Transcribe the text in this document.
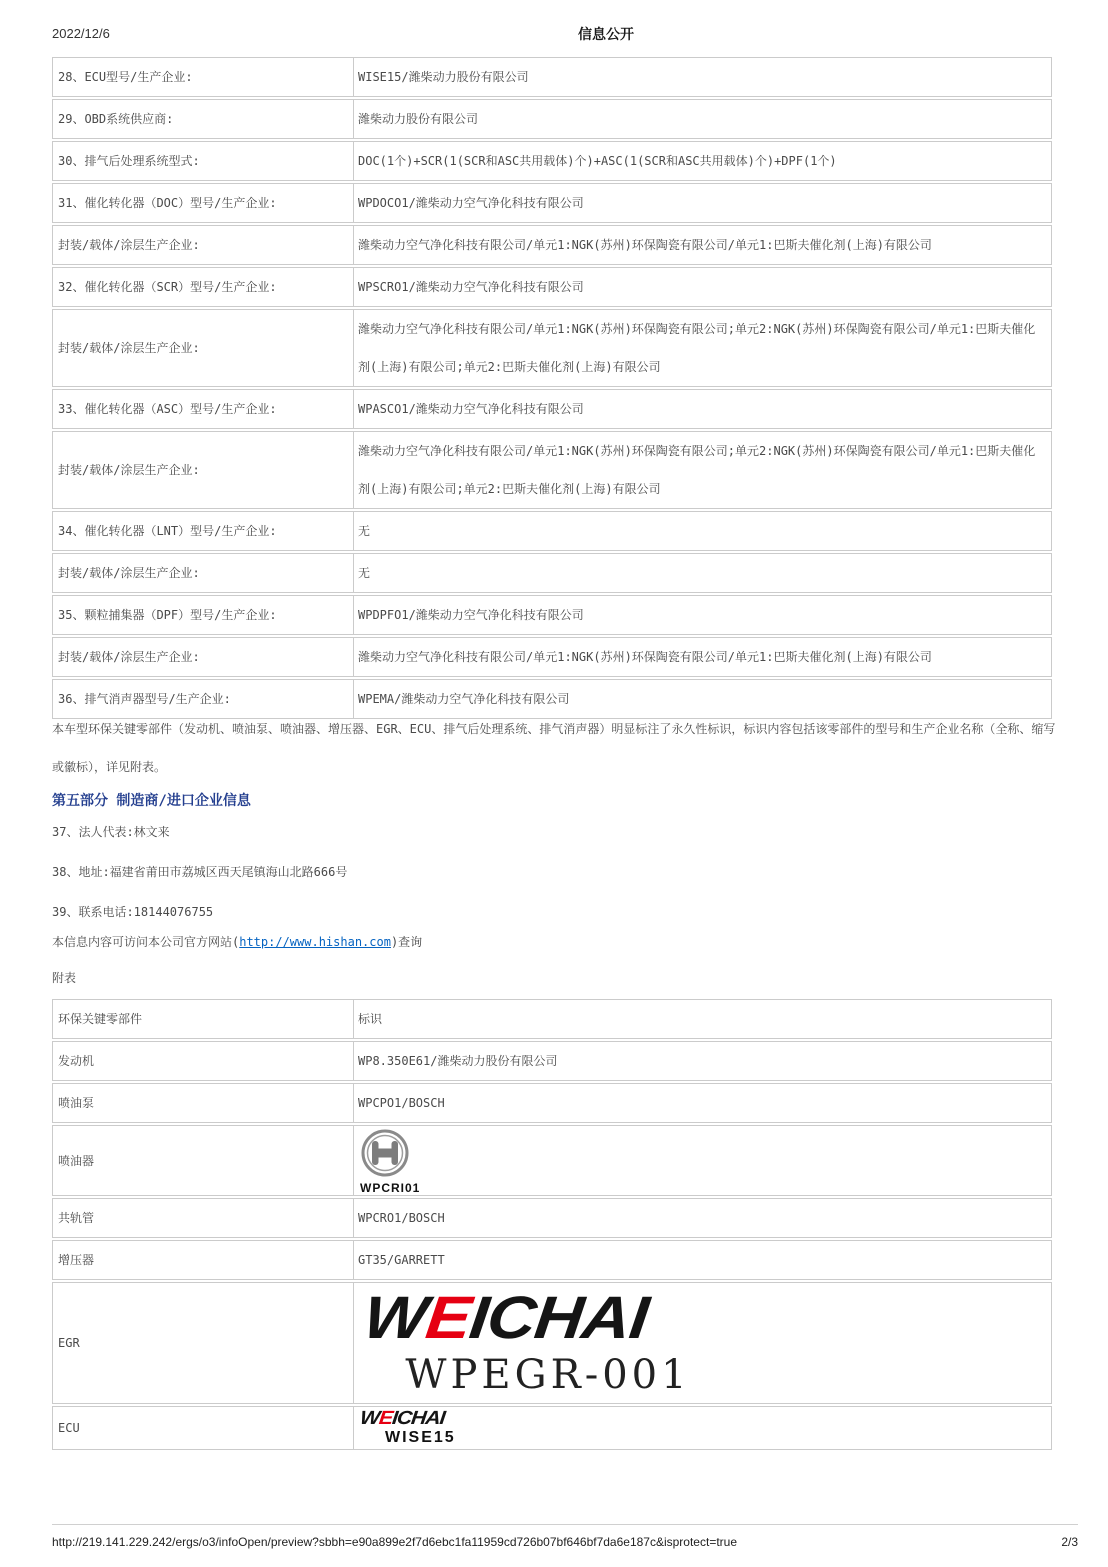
2022/12/6	信息公开
28、ECU型号/生产企业:	WISE15/潍柴动力股份有限公司
29、OBD系统供应商:	潍柴动力股份有限公司
30、排气后处理系统型式:	DOC(1个)+SCR(1(SCR和ASC共用载体)个)+ASC(1(SCR和ASC共用载体)个)+DPF(1个)
31、催化转化器（DOC）型号/生产企业:	WPDOCO1/潍柴动力空气净化科技有限公司
封装/载体/涂层生产企业:	潍柴动力空气净化科技有限公司/单元1:NGK(苏州)环保陶瓷有限公司/单元1:巴斯夫催化剂(上海)有限公司
32、催化转化器（SCR）型号/生产企业:	WPSCRO1/潍柴动力空气净化科技有限公司
封装/载体/涂层生产企业:
潍柴动力空气净化科技有限公司/单元1:NGK(苏州)环保陶瓷有限公司;单元2:NGK(苏州)环保陶瓷有限公司/单元1:巴斯夫催化剂(上海)有限公司;单元2:巴斯夫催化剂(上海)有限公司
33、催化转化器（ASC）型号/生产企业:	WPASCO1/潍柴动力空气净化科技有限公司
封装/载体/涂层生产企业:
潍柴动力空气净化科技有限公司/单元1:NGK(苏州)环保陶瓷有限公司;单元2:NGK(苏州)环保陶瓷有限公司/单元1:巴斯夫催化剂(上海)有限公司;单元2:巴斯夫催化剂(上海)有限公司
34、催化转化器（LNT）型号/生产企业:	无
封装/载体/涂层生产企业:	无
35、颗粒捕集器（DPF）型号/生产企业:	WPDPFO1/潍柴动力空气净化科技有限公司
封装/载体/涂层生产企业:	潍柴动力空气净化科技有限公司/单元1:NGK(苏州)环保陶瓷有限公司/单元1:巴斯夫催化剂(上海)有限公司
36、排气消声器型号/生产企业:	WPEMA/潍柴动力空气净化科技有限公司
本车型环保关键零部件（发动机、喷油泵、喷油器、增压器、EGR、ECU、排气后处理系统、排气消声器）明显标注了永久性标识，标识内容包括该零部件的型号和生产企业名称（全称、缩写或徽标），详见附表。
第五部分 制造商/进口企业信息
37、法人代表:林文来
38、地址:福建省莆田市荔城区西天尾镇海山北路666号
39、联系电话:18144076755
本信息内容可访问本公司官方网站(http://www.hishan.com)查询
附表
环保关键零部件	标识
发动机	WP8.350E61/潍柴动力股份有限公司
喷油泵	WPCPO1/BOSCH
喷油器
WPCRI01
共轨管	WPCRO1/BOSCH
增压器	GT35/GARRETT
EGR	WEICHAI
WPEGR-001
ECU	WEICHAI
WISE15
http://219.141.229.242/ergs/o3/infoOpen/preview?sbbh=e90a899e2f7d6ebc1fa11959cd726b07bf646bf7da6e187c&isprotect=true	2/3
